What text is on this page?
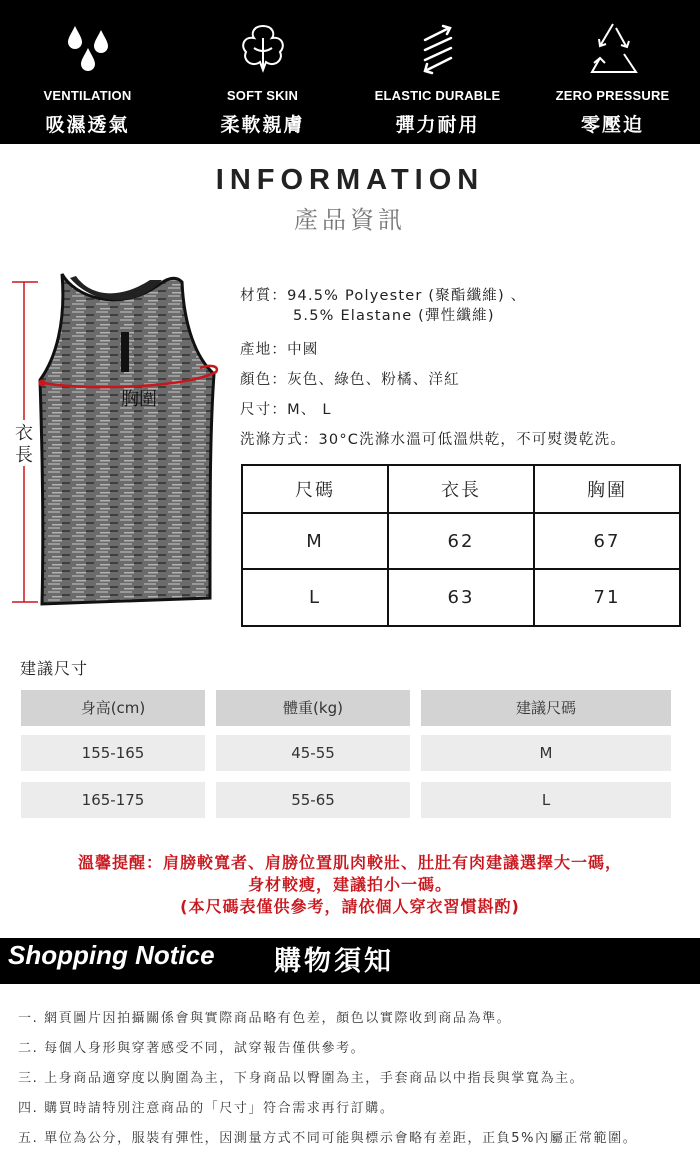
VENTILATION
吸濕透氣
SOFT SKIN
柔軟親膚
ELASTIC DURABLE
彈力耐用
ZERO PRESSURE
零壓迫
INFORMATION
產品資訊
衣
長
胸圍
材質：94.5% Polyester (聚酯纖維) 、
5.5% Elastane (彈性纖維)
產地：中國
顏色：灰色、綠色、粉橘、洋紅
尺寸：M、 L
洗滌方式：30°C洗滌水溫可低溫烘乾，不可熨燙乾洗。
尺碼	衣長	胸圍
M	62	67
L	63	71
建議尺寸
身高(cm)	體重(kg)	建議尺碼
155-165	45-55	M
165-175	55-65	L
溫馨提醒：肩膀較寬者、肩膀位置肌肉較壯、肚肚有肉建議選擇大一碼，
身材較瘦，建議拍小一碼。
(本尺碼表僅供參考，請依個人穿衣習慣斟酌)
Shopping Notice 購物須知
一. 網頁圖片因拍攝關係會與實際商品略有色差，顏色以實際收到商品為準。
二. 每個人身形與穿著感受不同，試穿報告僅供參考。
三. 上身商品適穿度以胸圍為主，下身商品以臀圍為主，手套商品以中指長與掌寬為主。
四. 購買時請特別注意商品的「尺寸」符合需求再行訂購。
五. 單位為公分，服裝有彈性，因測量方式不同可能與標示會略有差距，正負5%內屬正常範圍。
